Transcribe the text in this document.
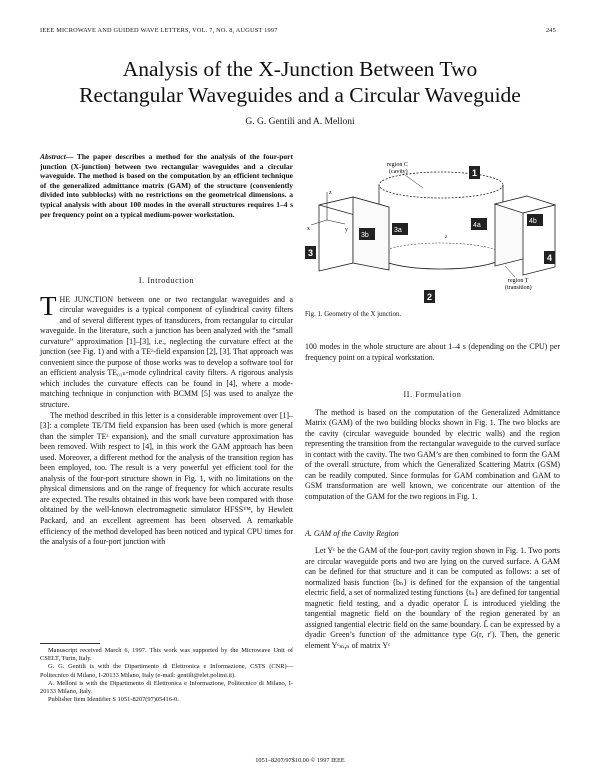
IEEE MICROWAVE AND GUIDED WAVE LETTERS, VOL. 7, NO. 8, AUGUST 1997	245
Analysis of the X-Junction Between Two
Rectangular Waveguides and a Circular Waveguide
G. G. Gentili and A. Melloni
Abstract— The paper describes a method for the analysis of the four-port junction (X-junction) between two rectangular waveguides and a circular waveguide. The method is based on the computation by an efficient technique of the generalized admittance matrix (GAM) of the structure (conveniently divided into subblocks) with no restrictions on the geometrical dimensions. a typical analysis with about 100 modes in the overall structures requires 1–4 s per frequency point on a typical medium-power workstation.
I. Introduction
THE JUNCTION between one or two rectangular waveguides and a circular waveguides is a typical component of cylindrical cavity filters and of several different types of transducers, from rectangular to circular waveguide. In the literature, such a junction has been analyzed with the “small curvature” approximation [1]–[3], i.e., neglecting the curvature effect at the junction (see Fig. 1) and with a TEᶻ-field expansion [2], [3]. That approach was convenient since the purpose of those works was to develop a software tool for an efficient analysis TE₀₁ₙ-mode cylindrical cavity filters. A rigorous analysis which includes the curvature effects can be found in [4], where a mode-matching technique in conjunction with BCMM [5] was used to analyze the structure.
The method described in this letter is a considerable improvement over [1]–[3]: a complete TE/TM field expansion has been used (which is more general than the simpler TEᶻ expansion), and the small curvature approximation has been removed. With respect to [4], in this work the GAM approach has been used. Moreover, a different method for the analysis of the transition region has been employed, too. The result is a very powerful yet efficient tool for the analysis of the four-port structure shown in Fig. 1, with no limitations on the physical dimensions and on the range of frequency for which accurate results are expected. The results obtained in this work have been compared with those obtained by the well-known electromagnetic simulator HFSS™, by Hewlett Packard, and an excellent agreement has been observed. A remarkable efficiency of the method developed has been noticed and typical CPU times for the analysis of a four-port junction with

Manuscript received March 6, 1997. This work was supported by the Microwave Unit of CSELT, Turin, Italy.

G. G. Gentili is with the Dipartimento di Elettronica e Informazione, CSTS (CNR)—Politecnico di Milano, I-20133 Milano, Italy (e-mail: gentili@elet.polimi.it).

A. Melloni is with the Dipartimento di Elettronica e Informazione, Politecnico di Milano, I-20133 Milano, Italy.

Publisher Item Identifier S 1051-8207(97)05416-0.

z
x	y
3b
3a
4a
4b
1
3	4
2
region C
(cavity)
region T
(transition)
z
Fig. 1. Geometry of the X junction.
100 modes in the whole structure are about 1–4 s (depending on the CPU) per frequency point on a typical workstation.
II. Formulation
The method is based on the computation of the Generalized Admittance Matrix (GAM) of the two building blocks shown in Fig. 1. The two blocks are the cavity (circular waveguide bounded by electric walls) and the region representing the transition from the rectangular waveguide to the curved surface in contact with the cavity. The two GAM’s are then combined to form the GAM of the overall structure, from which the Generalized Scattering Matrix (GSM) can be readily computed. Since formulas for GAM combination and GAM to GSM transformation are well known, we concentrate our attention of the computation of the GAM for the two regions in Fig. 1.
A. GAM of the Cavity Region
Let Yᶜ be the GAM of the four-port cavity region shown in Fig. 1. Two ports are circular waveguide ports and two are lying on the curved surface. A GAM can be defined for that structure and it can be computed as follows: a set of normalized basis function {bₙ} is defined for the expansion of the tangential electric field, a set of normalized testing functions {tₙ} are defined for tangential magnetic field testing, and a dyadic operator L̄ is introduced yielding the tangential magnetic field on the boundary of the region generated by an assigned tangential electric field on the same boundary. L̄ can be expressed by a dyadic Green’s function of the admittance type G(r, r′). Then, the generic element Yᶜₘ,ₙ of matrix Yᶜ
1051–8207/97$10.00 © 1997 IEEE
